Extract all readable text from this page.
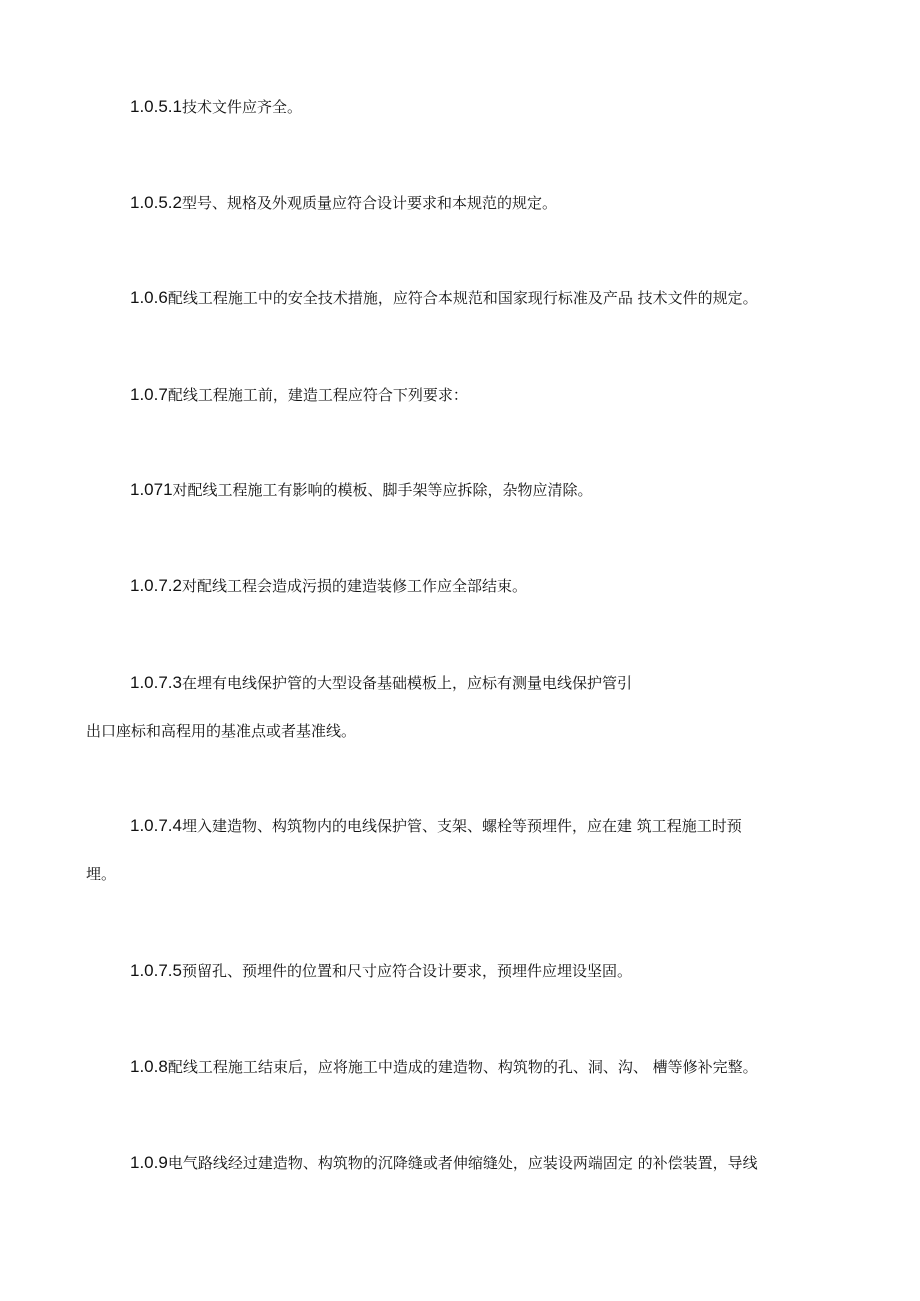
1.0.5.1技术文件应齐全。
1.0.5.2型号、规格及外观质量应符合设计要求和本规范的规定。
1.0.6配线工程施工中的安全技术措施，应符合本规范和国家现行标准及产品 技术文件的规定。
1.0.7配线工程施工前，建造工程应符合下列要求：
1.071对配线工程施工有影响的模板、脚手架等应拆除，杂物应清除。
1.0.7.2对配线工程会造成污损的建造装修工作应全部结束。
1.0.7.3在埋有电线保护管的大型设备基础模板上，应标有测量电线保护管引
出口座标和高程用的基准点或者基准线。
1.0.7.4埋入建造物、构筑物内的电线保护管、支架、螺栓等预埋件，应在建 筑工程施工时预
埋。
1.0.7.5预留孔、预埋件的位置和尺寸应符合设计要求，预埋件应埋设坚固。
1.0.8配线工程施工结束后，应将施工中造成的建造物、构筑物的孔、洞、沟、 槽等修补完整。
1.0.9电气路线经过建造物、构筑物的沉降缝或者伸缩缝处，应装设两端固定 的补偿装置，导线
